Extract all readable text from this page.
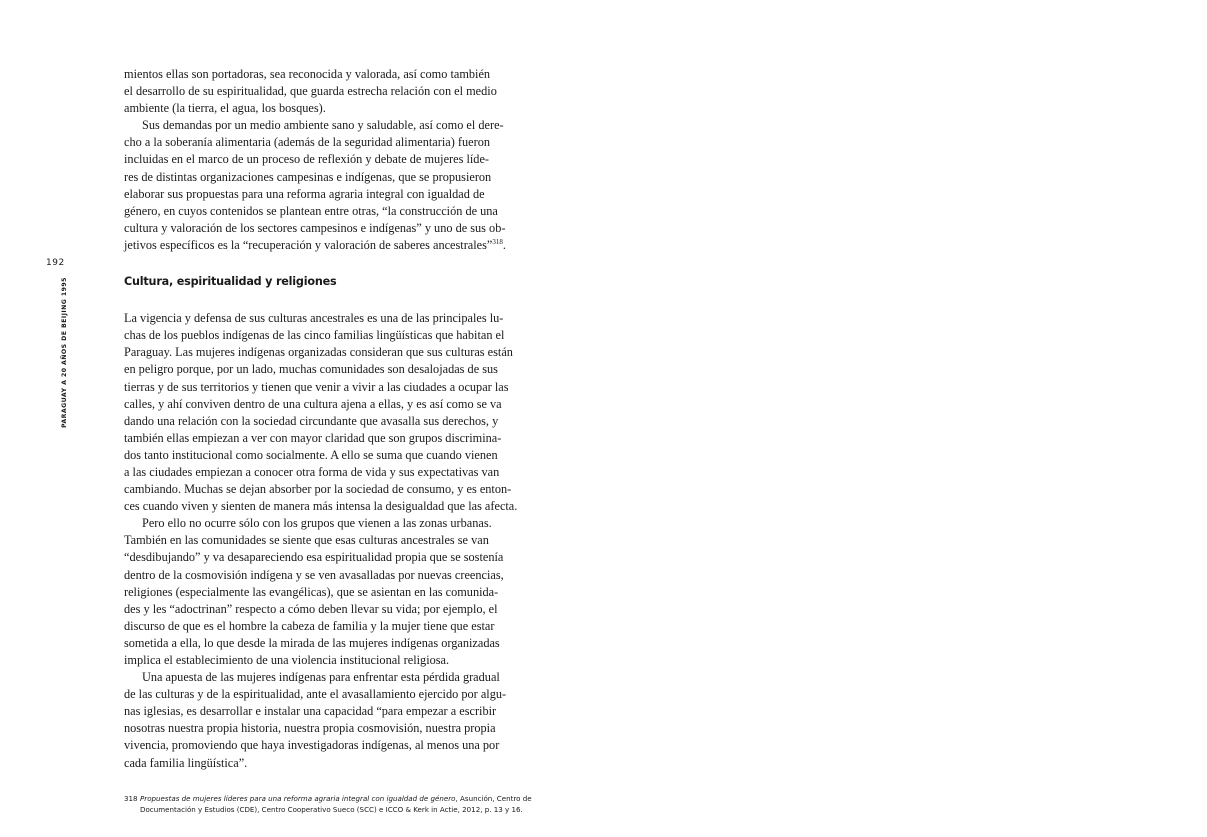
192
PARAGUAY A 20 AÑOS DE BEIJING 1995

mientos ellas son portadoras, sea reconocida y valorada, así como también
el desarrollo de su espiritualidad, que guarda estrecha relación con el medio
ambiente (la tierra, el agua, los bosques).

Sus demandas por un medio ambiente sano y saludable, así como el dere-
cho a la soberanía alimentaria (además de la seguridad alimentaria) fueron
incluidas en el marco de un proceso de reflexión y debate de mujeres líde-
res de distintas organizaciones campesinas e indígenas, que se propusieron
elaborar sus propuestas para una reforma agraria integral con igualdad de
género, en cuyos contenidos se plantean entre otras, “la construcción de una
cultura y valoración de los sectores campesinos e indígenas” y uno de sus ob-
jetivos específicos es la “recuperación y valoración de saberes ancestrales”$^{318}$.

Cultura, espiritualidad y religiones

La vigencia y defensa de sus culturas ancestrales es una de las principales lu-
chas de los pueblos indígenas de las cinco familias lingüísticas que habitan el
Paraguay. Las mujeres indígenas organizadas consideran que sus culturas están
en peligro porque, por un lado, muchas comunidades son desalojadas de sus
tierras y de sus territorios y tienen que venir a vivir a las ciudades a ocupar las
calles, y ahí conviven dentro de una cultura ajena a ellas, y es así como se va
dando una relación con la sociedad circundante que avasalla sus derechos, y
también ellas empiezan a ver con mayor claridad que son grupos discrimina-
dos tanto institucional como socialmente. A ello se suma que cuando vienen
a las ciudades empiezan a conocer otra forma de vida y sus expectativas van
cambiando. Muchas se dejan absorber por la sociedad de consumo, y es enton-
ces cuando viven y sienten de manera más intensa la desigualdad que las afecta.

Pero ello no ocurre sólo con los grupos que vienen a las zonas urbanas.
También en las comunidades se siente que esas culturas ancestrales se van
“desdibujando” y va desapareciendo esa espiritualidad propia que se sostenía
dentro de la cosmovisión indígena y se ven avasalladas por nuevas creencias,
religiones (especialmente las evangélicas), que se asientan en las comunida-
des y les “adoctrinan” respecto a cómo deben llevar su vida; por ejemplo, el
discurso de que es el hombre la cabeza de familia y la mujer tiene que estar
sometida a ella, lo que desde la mirada de las mujeres indígenas organizadas
implica el establecimiento de una violencia institucional religiosa.

Una apuesta de las mujeres indígenas para enfrentar esta pérdida gradual
de las culturas y de la espiritualidad, ante el avasallamiento ejercido por algu-
nas iglesias, es desarrollar e instalar una capacidad “para empezar a escribir
nosotras nuestra propia historia, nuestra propia cosmovisión, nuestra propia
vivencia, promoviendo que haya investigadoras indígenas, al menos una por
cada familia lingüística”.

318 Propuestas de mujeres líderes para una reforma agraria integral con igualdad de género, Asunción, Centro de
Documentación y Estudios (CDE), Centro Cooperativo Sueco (SCC) e ICCO & Kerk in Actie, 2012, p. 13 y 16.
